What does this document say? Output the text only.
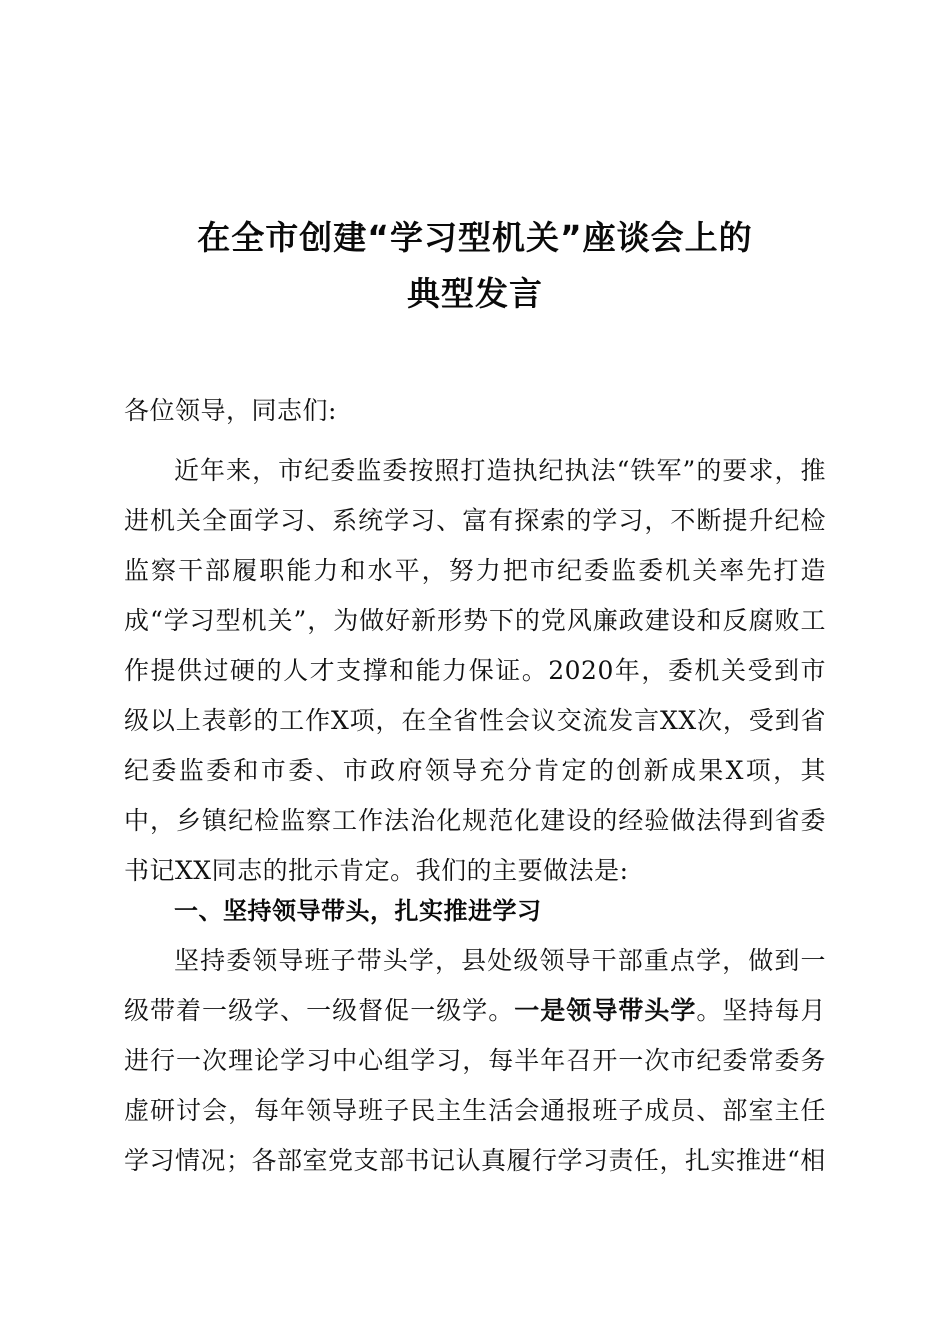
在全市创建“学习型机关”座谈会上的
典型发言
各位领导，同志们:

近年来，市纪委监委按照打造执纪执法“铁军”的要求，推进机关全面学习、系统学习、富有探索的学习，不断提升纪检监察干部履职能力和水平，努力把市纪委监委机关率先打造成“学习型机关”，为做好新形势下的党风廉政建设和反腐败工作提供过硬的人才支撑和能力保证。2020年，委机关受到市级以上表彰的工作X项，在全省性会议交流发言XX次，受到省纪委监委和市委、市政府领导充分肯定的创新成果X项，其中，乡镇纪检监察工作法治化规范化建设的经验做法得到省委书记XX同志的批示肯定。我们的主要做法是:

一、坚持领导带头，扎实推进学习

坚持委领导班子带头学，县处级领导干部重点学，做到一级带着一级学、一级督促一级学。一是领导带头学。坚持每月进行一次理论学习中心组学习，每半年召开一次市纪委常委务虚研讨会，每年领导班子民主生活会通报班子成员、部室主任学习情况；各部室党支部书记认真履行学习责任，扎实推进“相
